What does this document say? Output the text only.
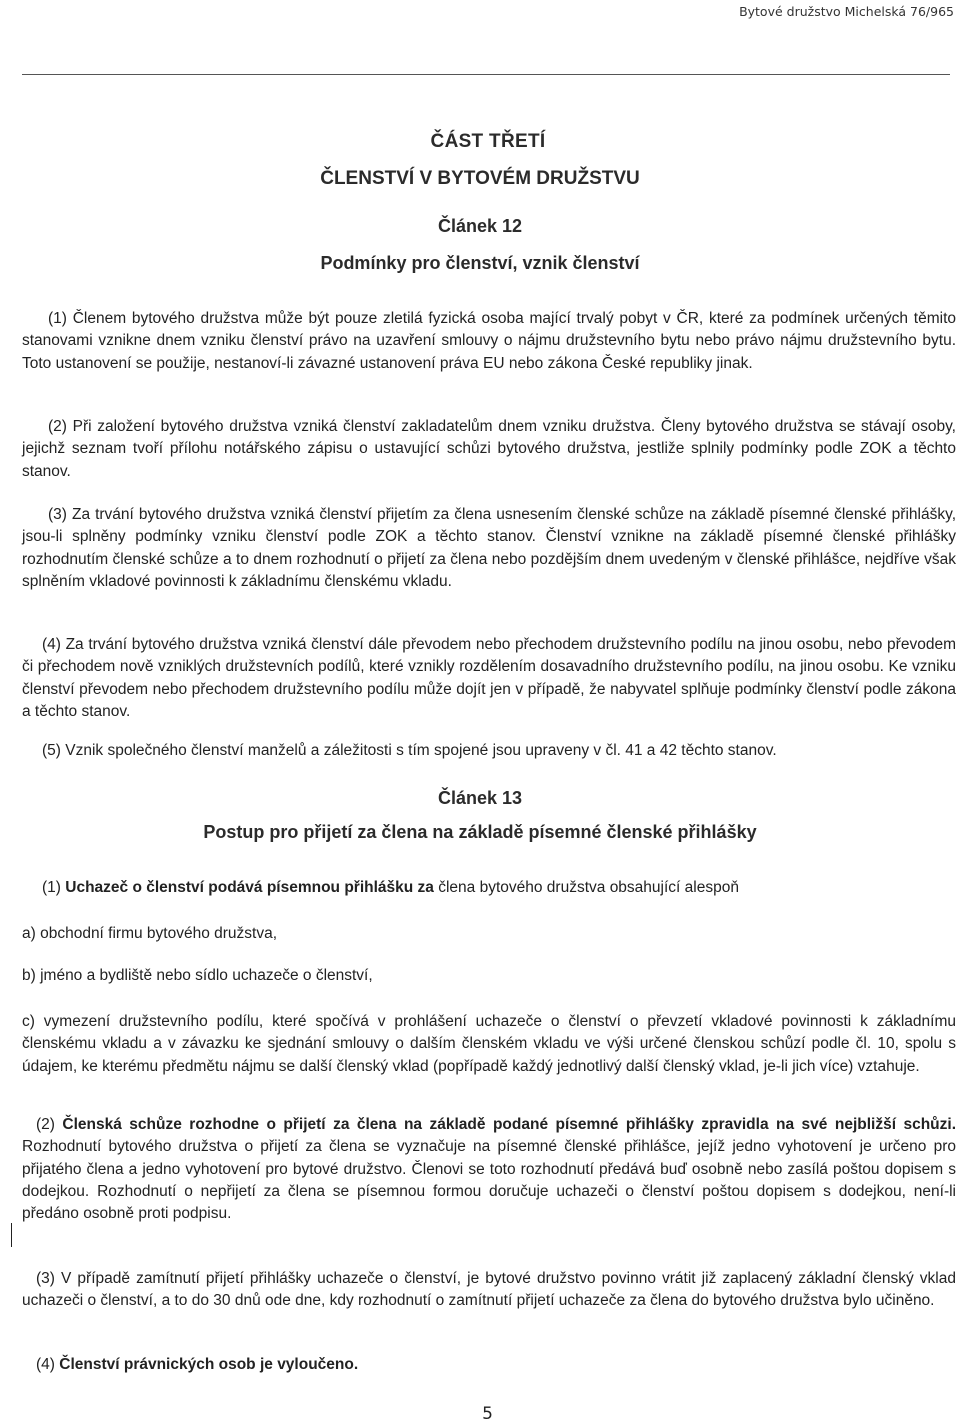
Bytové družstvo Michelská 76/965
ČÁST TŘETÍ
ČLENSTVÍ V BYTOVÉM DRUŽSTVU
Článek 12
Podmínky pro členství, vznik členství

(1) Členem bytového družstva může být pouze zletilá fyzická osoba mající trvalý pobyt v ČR, které za podmínek určených těmito stanovami vznikne dnem vzniku členství právo na uzavření smlouvy o nájmu družstevního bytu nebo právo nájmu družstevního bytu. Toto ustanovení se použije, nestanoví-li závazné ustanovení práva EU nebo zákona České republiky jinak.

(2) Při založení bytového družstva vzniká členství zakladatelům dnem vzniku družstva. Členy bytového družstva se stávají osoby, jejichž seznam tvoří přílohu notářského zápisu o ustavující schůzi bytového družstva, jestliže splnily podmínky podle ZOK a těchto stanov.

(3) Za trvání bytového družstva vzniká členství přijetím za člena usnesením členské schůze na základě písemné členské přihlášky, jsou-li splněny podmínky vzniku členství podle ZOK a těchto stanov. Členství vznikne na základě písemné členské přihlášky rozhodnutím členské schůze a to dnem rozhodnutí o přijetí za člena nebo pozdějším dnem uvedeným v členské přihlášce, nejdříve však splněním vkladové povinnosti k základnímu členskému vkladu.

(4) Za trvání bytového družstva vzniká členství dále převodem nebo přechodem družstevního podílu na jinou osobu, nebo převodem či přechodem nově vzniklých družstevních podílů, které vznikly rozdělením dosavadního družstevního podílu, na jinou osobu. Ke vzniku členství převodem nebo přechodem družstevního podílu může dojít jen v případě, že nabyvatel splňuje podmínky členství podle zákona a těchto stanov.

(5) Vznik společného členství manželů a záležitosti s tím spojené jsou upraveny v čl. 41 a 42 těchto stanov.
Článek 13
Postup pro přijetí za člena na základě písemné členské přihlášky
(1) Uchazeč o členství podává písemnou přihlášku za člena bytového družstva obsahující alespoň
a) obchodní firmu bytového družstva,
b) jméno a bydliště nebo sídlo uchazeče o členství,

c) vymezení družstevního podílu, které spočívá v prohlášení uchazeče o členství o převzetí vkladové povinnosti k základnímu členskému vkladu a v závazku ke sjednání smlouvy o dalším členském vkladu ve výši určené členskou schůzí podle čl. 10, spolu s údajem, ke kterému předmětu nájmu se další členský vklad (popřípadě každý jednotlivý další členský vklad, je-li jich více) vztahuje.

(2) Členská schůze rozhodne o přijetí za člena na základě podané písemné přihlášky zpravidla na své nejbližší schůzi. Rozhodnutí bytového družstva o přijetí za člena se vyznačuje na písemné členské přihlášce, jejíž jedno vyhotovení je určeno pro přijatého člena a jedno vyhotovení pro bytové družstvo. Členovi se toto rozhodnutí předává buď osobně nebo zasílá poštou dopisem s dodejkou. Rozhodnutí o nepřijetí za člena se písemnou formou doručuje uchazeči o členství poštou dopisem s dodejkou, není-li předáno osobně proti podpisu.

(3) V případě zamítnutí přijetí přihlášky uchazeče o členství, je bytové družstvo povinno vrátit již zaplacený základní členský vklad uchazeči o členství, a to do 30 dnů ode dne, kdy rozhodnutí o zamítnutí přijetí uchazeče za člena do bytového družstva bylo učiněno.

(4) Členství právnických osob je vyloučeno.
5
